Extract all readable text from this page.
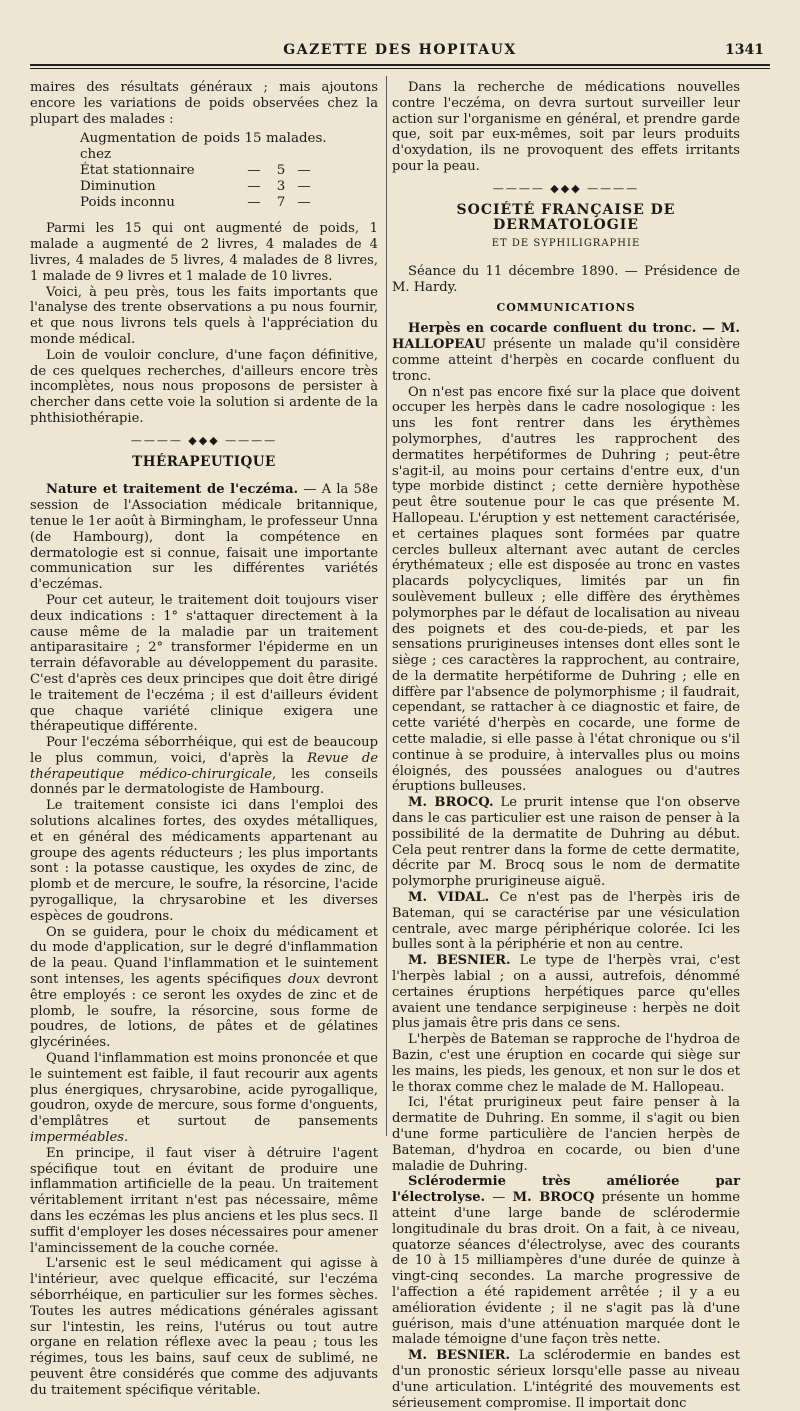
GAZETTE DES HOPITAUX	1341

maires des résultats généraux ; mais ajoutons encore les variations de poids observées chez la plupart des malades :

Augmentation de poids chez
15 malades.
État stationnaire	—	5 —
Diminution	—	3 —
Poids inconnu	—	7 —

Parmi les 15 qui ont augmenté de poids, 1 malade a augmenté de 2 livres, 4 malades de 4 livres, 4 malades de 5 livres, 4 malades de 8 livres, 1 malade de 9 livres et 1 malade de 10 livres.

Voici, à peu près, tous les faits importants que l'analyse des trente observations a pu nous fournir, et que nous livrons tels quels à l'appréciation du monde médical.

Loin de vouloir conclure, d'une façon définitive, de ces quelques recherches, d'ailleurs encore très incomplètes, nous nous proposons de persister à chercher dans cette voie la solution si ardente de la phthisiothérapie.

———— ◆◆◆ ————
THÉRAPEUTIQUE

Nature et traitement de l'eczéma. — A la 58e session de l'Association médicale britannique, tenue le 1er août à Birmingham, le professeur Unna (de Hambourg), dont la compétence en dermatologie est si connue, faisait une importante communication sur les différentes variétés d'eczémas.

Pour cet auteur, le traitement doit toujours viser deux indications : 1° s'attaquer directement à la cause même de la maladie par un traitement antiparasitaire ; 2° transformer l'épiderme en un terrain défavorable au développement du parasite. C'est d'après ces deux principes que doit être dirigé le traitement de l'eczéma ; il est d'ailleurs évident que chaque variété clinique exigera une thérapeutique différente.

Pour l'eczéma séborrhéique, qui est de beaucoup le plus commun, voici, d'après la Revue de thérapeutique médico-chirurgicale, les conseils donnés par le dermatologiste de Hambourg.

Le traitement consiste ici dans l'emploi des solutions alcalines fortes, des oxydes métalliques, et en général des médicaments appartenant au groupe des agents réducteurs ; les plus importants sont : la potasse caustique, les oxydes de zinc, de plomb et de mercure, le soufre, la résorcine, l'acide pyrogallique, la chrysarobine et les diverses espèces de goudrons.

On se guidera, pour le choix du médicament et du mode d'application, sur le degré d'inflammation de la peau. Quand l'inflammation et le suintement sont intenses, les agents spécifiques doux devront être employés : ce seront les oxydes de zinc et de plomb, le soufre, la résorcine, sous forme de poudres, de lotions, de pâtes et de gélatines glycérinées.

Quand l'inflammation est moins prononcée et que le suintement est faible, il faut recourir aux agents plus énergiques, chrysarobine, acide pyrogallique, goudron, oxyde de mercure, sous forme d'onguents, d'emplâtres et surtout de pansements imperméables.

En principe, il faut viser à détruire l'agent spécifique tout en évitant de produire une inflammation artificielle de la peau. Un traitement véritablement irritant n'est pas nécessaire, même dans les eczémas les plus anciens et les plus secs. Il suffit d'employer les doses nécessaires pour amener l'amincissement de la couche cornée.

L'arsenic est le seul médicament qui agisse à l'intérieur, avec quelque efficacité, sur l'eczéma séborrhéique, en particulier sur les formes sèches. Toutes les autres médications générales agissant sur l'intestin, les reins, l'utérus ou tout autre organe en relation réflexe avec la peau ; tous les régimes, tous les bains, sauf ceux de sublimé, ne peuvent être considérés que comme des adjuvants du traitement spécifique véritable.

Dans la recherche de médications nouvelles contre l'eczéma, on devra surtout surveiller leur action sur l'organisme en général, et prendre garde que, soit par eux-mêmes, soit par leurs produits d'oxydation, ils ne provoquent des effets irritants pour la peau.

———— ◆◆◆ ————
SOCIÉTÉ FRANÇAISE DE DERMATOLOGIE
ET DE SYPHILIGRAPHIE

Séance du 11 décembre 1890. — Présidence de M. Hardy.

COMMUNICATIONS

Herpès en cocarde confluent du tronc. — M. HALLOPEAU présente un malade qu'il considère comme atteint d'herpès en cocarde confluent du tronc.

On n'est pas encore fixé sur la place que doivent occuper les herpès dans le cadre nosologique : les uns les font rentrer dans les érythèmes polymorphes, d'autres les rapprochent des dermatites herpétiformes de Duhring ; peut-être s'agit-il, au moins pour certains d'entre eux, d'un type morbide distinct ; cette dernière hypothèse peut être soutenue pour le cas que présente M. Hallopeau. L'éruption y est nettement caractérisée, et certaines plaques sont formées par quatre cercles bulleux alternant avec autant de cercles érythémateux ; elle est disposée au tronc en vastes placards polycycliques, limités par un fin soulèvement bulleux ; elle diffère des érythèmes polymorphes par le défaut de localisation au niveau des poignets et des cou-de-pieds, et par les sensations prurigineuses intenses dont elles sont le siège ; ces caractères la rapprochent, au contraire, de la dermatite herpétiforme de Duhring ; elle en diffère par l'absence de polymorphisme ; il faudrait, cependant, se rattacher à ce diagnostic et faire, de cette variété d'herpès en cocarde, une forme de cette maladie, si elle passe à l'état chronique ou s'il continue à se produire, à intervalles plus ou moins éloignés, des poussées analogues ou d'autres éruptions bulleuses.

M. BROCQ. Le prurit intense que l'on observe dans le cas particulier est une raison de penser à la possibilité de la dermatite de Duhring au début. Cela peut rentrer dans la forme de cette dermatite, décrite par M. Brocq sous le nom de dermatite polymorphe prurigineuse aiguë.

M. VIDAL. Ce n'est pas de l'herpès iris de Bateman, qui se caractérise par une vésiculation centrale, avec marge périphérique colorée. Ici les bulles sont à la périphérie et non au centre.

M. BESNIER. Le type de l'herpès vrai, c'est l'herpès labial ; on a aussi, autrefois, dénommé certaines éruptions herpétiques parce qu'elles avaient une tendance serpigineuse : herpès ne doit plus jamais être pris dans ce sens.

L'herpès de Bateman se rapproche de l'hydroa de Bazin, c'est une éruption en cocarde qui siège sur les mains, les pieds, les genoux, et non sur le dos et le thorax comme chez le malade de M. Hallopeau.

Ici, l'état prurigineux peut faire penser à la dermatite de Duhring. En somme, il s'agit ou bien d'une forme particulière de l'ancien herpès de Bateman, d'hydroa en cocarde, ou bien d'une maladie de Duhring.

Sclérodermie très améliorée par l'électrolyse. — M. BROCQ présente un homme atteint d'une large bande de sclérodermie longitudinale du bras droit. On a fait, à ce niveau, quatorze séances d'électrolyse, avec des courants de 10 à 15 milliampères d'une durée de quinze à vingt-cinq secondes. La marche progressive de l'affection a été rapidement arrêtée ; il y a eu amélioration évidente ; il ne s'agit pas là d'une guérison, mais d'une atténuation marquée dont le malade témoigne d'une façon très nette.

M. BESNIER. La sclérodermie en bandes est d'un pronostic sérieux lorsqu'elle passe au niveau d'une articulation. L'intégrité des mouvements est sérieusement compromise. Il importait donc
